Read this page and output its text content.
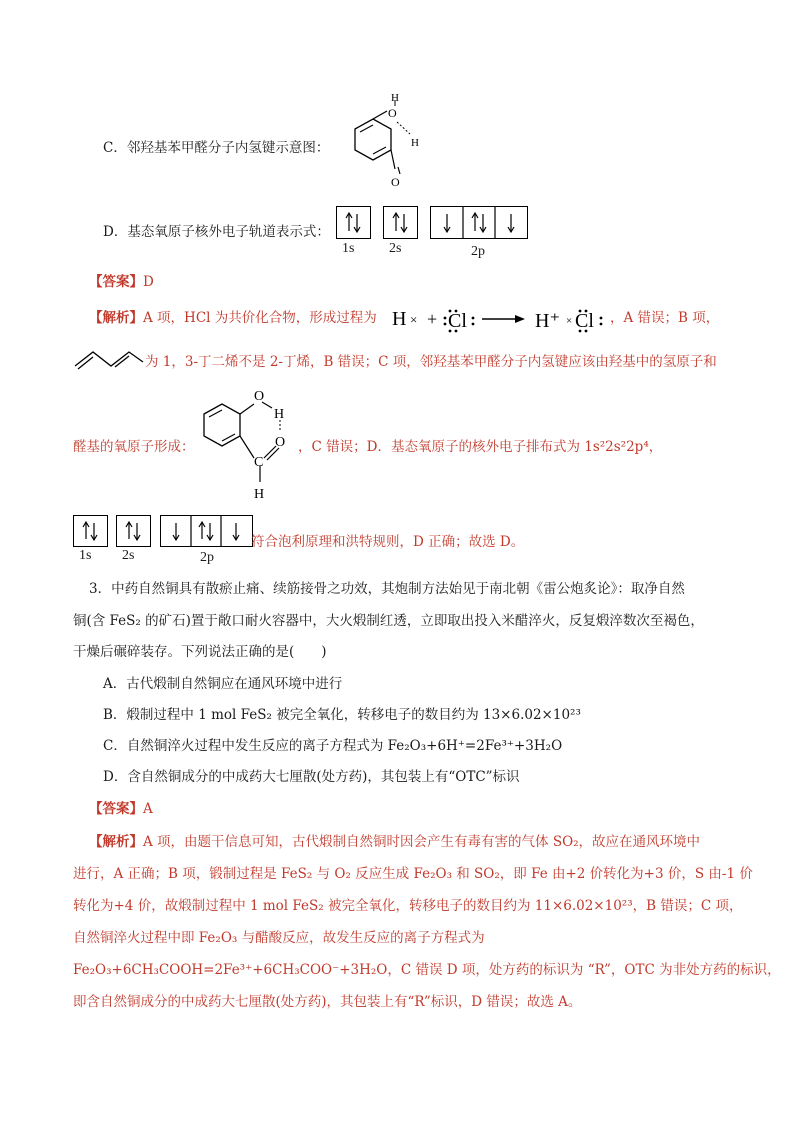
C．邻羟基苯甲醛分子内氢键示意图：
H
O
H
O
D．基态氧原子核外电子轨道表示式：
1s 2s	2p
【答案】D
【解析】A 项，HCl 为共价化合物，形成过程为 H × + Cl	H⁺ × Cl ，A 错误；B 项，
为 1，3-丁二烯不是 2-丁烯，B 错误；C 项，邻羟基苯甲醛分子内氢键应该由羟基中的氢原子和
醛基的氧原子形成：
O
H
O
C
H
，C 错误；D．基态氧原子的核外电子排布式为 1s²2s²2p⁴，
1s 2s	2p
符合泡利原理和洪特规则，D 正确；故选 D。
3．中药自然铜具有散瘀止痛、续筋接骨之功效，其炮制方法始见于南北朝《雷公炮炙论》：取净自然
铜(含 FeS₂ 的矿石)置于敞口耐火容器中，大火煅制红透，立即取出投入米醋淬火，反复煅淬数次至褐色，
干燥后碾碎装存。下列说法正确的是(　　)
A．古代煅制自然铜应在通风环境中进行
B．煅制过程中 1 mol FeS₂ 被完全氧化，转移电子的数目约为 13×6.02×10²³
C．自然铜淬火过程中发生反应的离子方程式为 Fe₂O₃+6H⁺=2Fe³⁺+3H₂O
D．含自然铜成分的中成药大七厘散(处方药)，其包装上有“OTC”标识
【答案】A
【解析】A 项，由题干信息可知，古代煅制自然铜时因会产生有毒有害的气体 SO₂，故应在通风环境中
进行，A 正确；B 项，锻制过程是 FeS₂ 与 O₂ 反应生成 Fe₂O₃ 和 SO₂，即 Fe 由+2 价转化为+3 价，S 由-1 价
转化为+4 价，故煅制过程中 1 mol FeS₂ 被完全氧化，转移电子的数目约为 11×6.02×10²³，B 错误；C 项，
自然铜淬火过程中即 Fe₂O₃ 与醋酸反应，故发生反应的离子方程式为
Fe₂O₃+6CH₃COOH=2Fe³⁺+6CH₃COO⁻+3H₂O，C 错误 D 项，处方药的标识为 “R”，OTC 为非处方药的标识，
即含自然铜成分的中成药大七厘散(处方药)，其包装上有“R”标识，D 错误；故选 A。
